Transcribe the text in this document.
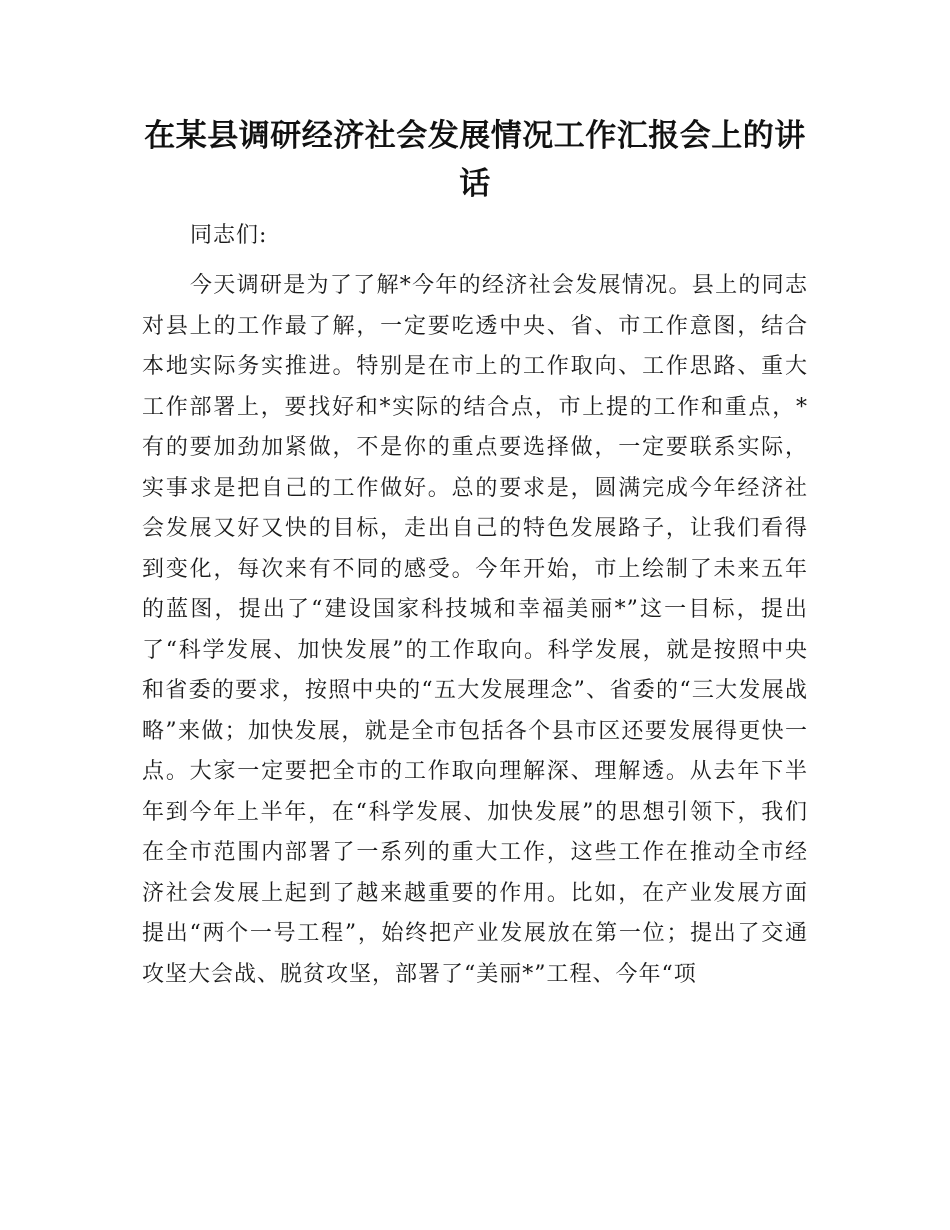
在某县调研经济社会发展情况工作汇报会上的讲话

同志们:

今天调研是为了了解*今年的经济社会发展情况。县上的同志对县上的工作最了解，一定要吃透中央、省、市工作意图，结合本地实际务实推进。特别是在市上的工作取向、工作思路、重大工作部署上，要找好和*实际的结合点，市上提的工作和重点，*有的要加劲加紧做，不是你的重点要选择做，一定要联系实际，实事求是把自己的工作做好。总的要求是，圆满完成今年经济社会发展又好又快的目标，走出自己的特色发展路子，让我们看得到变化，每次来有不同的感受。今年开始，市上绘制了未来五年的蓝图，提出了“建设国家科技城和幸福美丽*”这一目标，提出了“科学发展、加快发展”的工作取向。科学发展，就是按照中央和省委的要求，按照中央的“五大发展理念”、省委的“三大发展战略”来做；加快发展，就是全市包括各个县市区还要发展得更快一点。大家一定要把全市的工作取向理解深、理解透。从去年下半年到今年上半年，在“科学发展、加快发展”的思想引领下，我们在全市范围内部署了一系列的重大工作，这些工作在推动全市经济社会发展上起到了越来越重要的作用。比如，在产业发展方面提出“两个一号工程”，始终把产业发展放在第一位；提出了交通攻坚大会战、脱贫攻坚，部署了“美丽*”工程、今年“项
